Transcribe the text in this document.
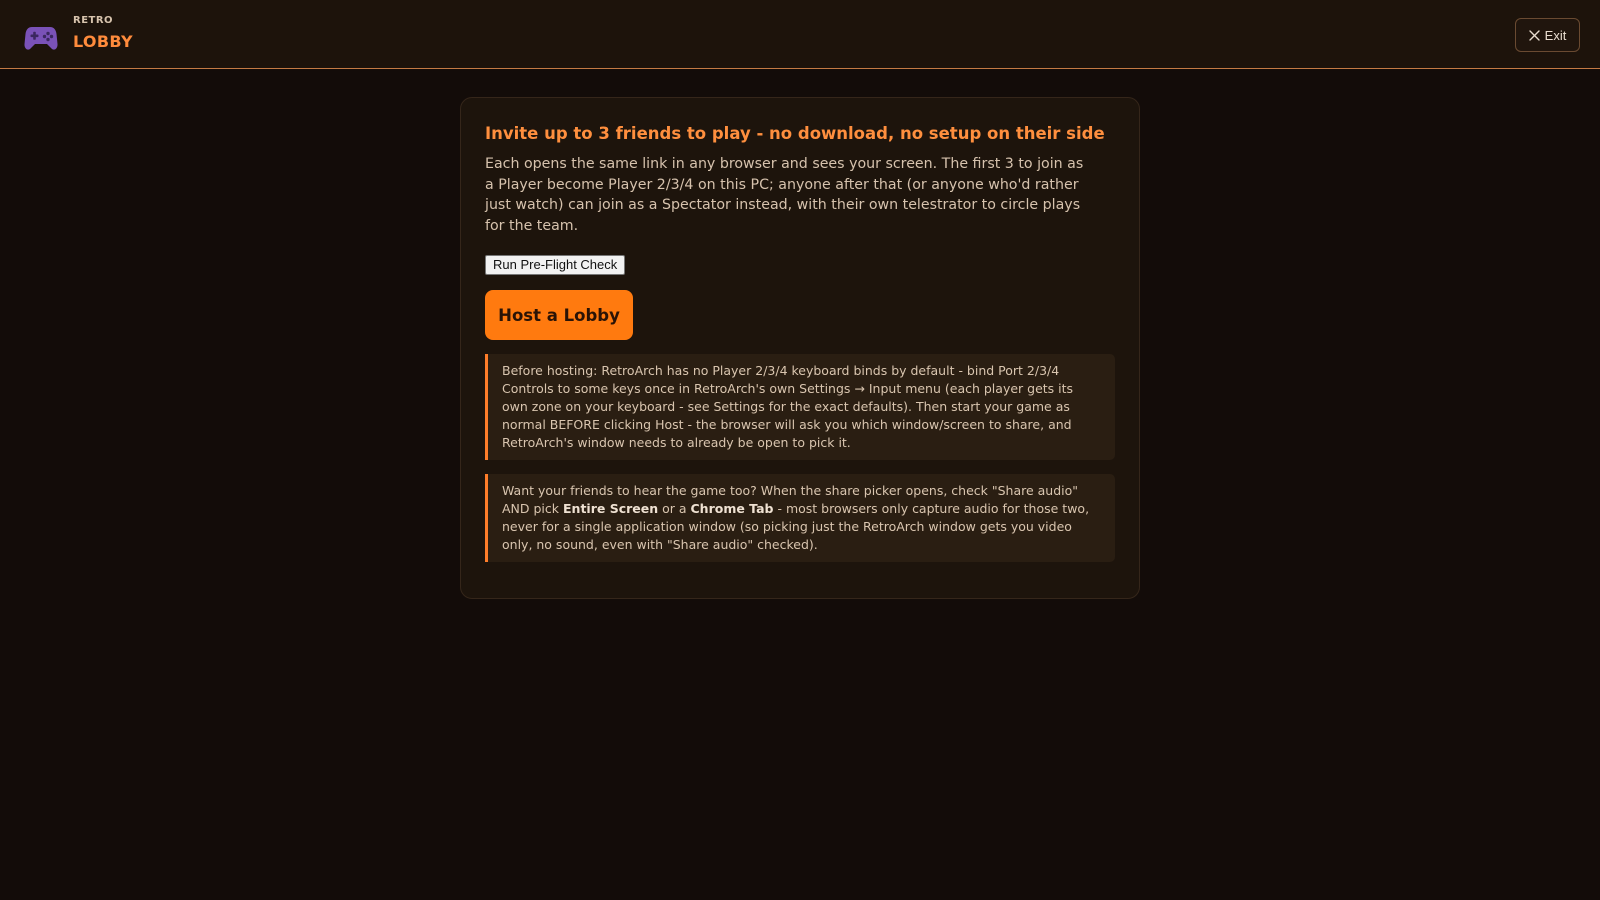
RETRO
LOBBY	Exit
Invite up to 3 friends to play - no download, no setup on their side
Each opens the same link in any browser and sees your screen. The first 3 to join as a Player become Player 2/3/4 on this PC; anyone after that (or anyone who'd rather just watch) can join as a Spectator instead, with their own telestrator to circle plays for the team.
Run Pre-Flight Check
Host a Lobby
Before hosting: RetroArch has no Player 2/3/4 keyboard binds by default - bind Port 2/3/4 Controls to some keys once in RetroArch's own Settings → Input menu (each player gets its own zone on your keyboard - see Settings for the exact defaults). Then start your game as normal BEFORE clicking Host - the browser will ask you which window/screen to share, and RetroArch's window needs to already be open to pick it.
Want your friends to hear the game too? When the share picker opens, check "Share audio" AND pick Entire Screen or a Chrome Tab - most browsers only capture audio for those two, never for a single application window (so picking just the RetroArch window gets you video only, no sound, even with "Share audio" checked).
